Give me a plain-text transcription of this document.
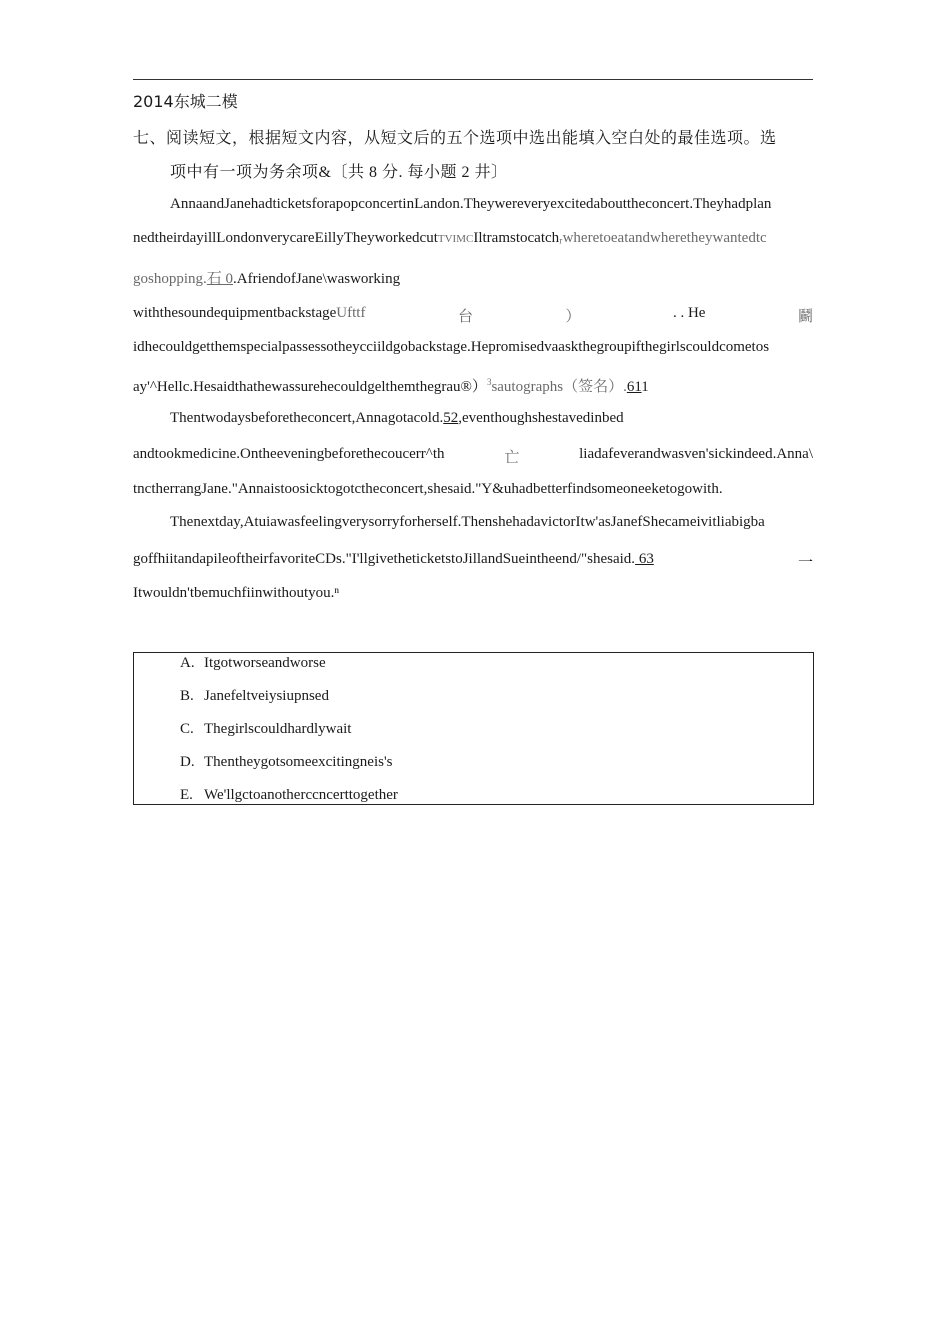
2014东城二模
七、阅读短文，根据短文内容，从短文后的五个选项中选出能填入空白处的最佳选项。选
项中有一项为务余项&〔共 8 分. 每小题 2 井〕
AnnaandJanehadticketsforapopconcertinLandon.Theywereveryexcitedabouttheconcert.Theyhadplan
nedtheirdayillLondonverycareEillyTheyworkedcutTVIMCIltramstocatchᵣwheretoeatandwheretheywantedtc
goshopping.石 0.AfriendofJane\wasworking
withthesoundequipmentbackstageUfttf	台	）	. . He	鬬
idhecouldgetthemspecialpassessotheycciildgobackstage.Hepromisedvaaskthegroupifthegirlscouldcometos
ay'^Hellc.Hesaidthathewassurehecouldgelthemthegrau®）$^3$sautographs（签名）.611
Thentwodaysbeforetheconcert,Annagotacold.52,eventhoughshestavedinbed
andtookmedicine.Ontheeveningbeforethecoucerr^th	亡	liadafeverandwasven'sickindeed.Anna\
tnctherrangJane."Annaistoosicktogotctheconcert,shesaid."Y&uhadbetterfindsomeoneeketogowith.
Thenextday,Atuiawasfeelingverysorryforherself.ThenshehadavictorItw'asJanefShecameivitliabigba
goffhiitandapileoftheirfavoriteCDs."I'llgivetheticketstoJillandSueintheend/"shesaid. 63	一
Itwouldn'tbemuchfiinwithoutyou.ⁿ
A. Itgotworseandworse
B. Janefeltveiysiupnsed
C. Thegirlscouldhardlywait
D. Thentheygotsomeexcitingneis's
E. We'llgctoanotherccncerttogether
